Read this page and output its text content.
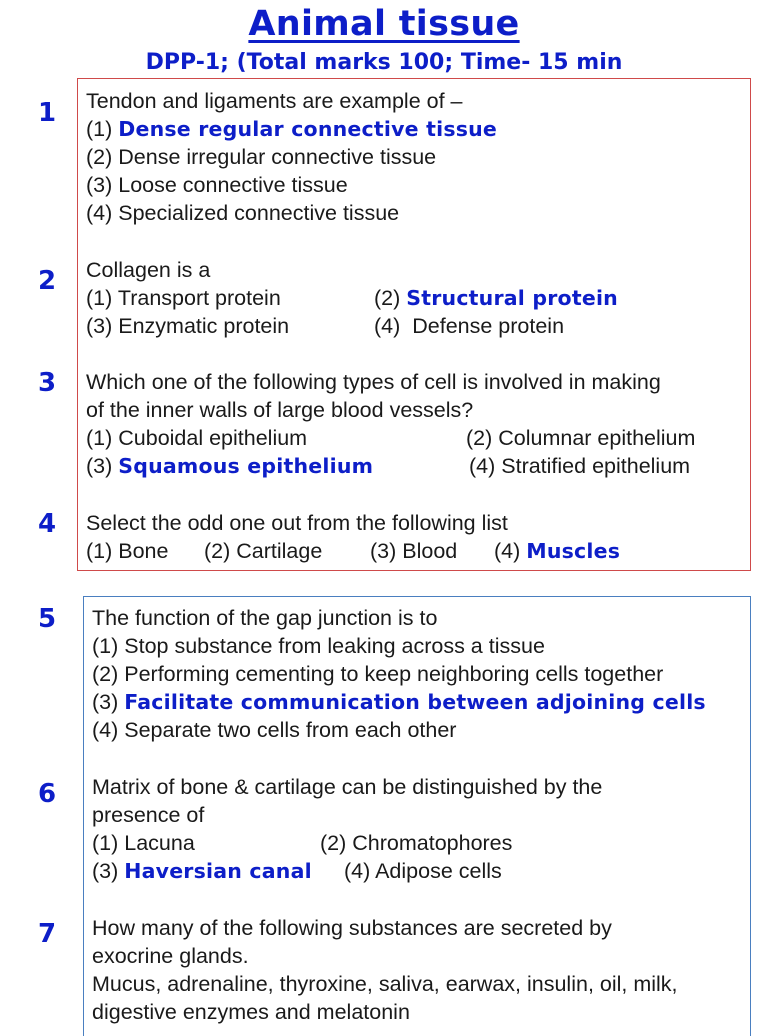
Animal tissue
DPP-1; (Total marks 100; Time- 15 min
1 Tendon and ligaments are example of –
(1) Dense regular connective tissue
(2) Dense irregular connective tissue
(3) Loose connective tissue
(4) Specialized connective tissue
2 Collagen is a
(1) Transport protein	(2) Structural protein
(3) Enzymatic protein	(4)  Defense protein
3 Which one of the following types of cell is involved in making
of the inner walls of large blood vessels?
(1) Cuboidal epithelium	(2) Columnar epithelium
(3) Squamous epithelium	(4) Stratified epithelium
4 Select the odd one out from the following list
(1) Bone (2) Cartilage (3) Blood (4) Muscles
5 The function of the gap junction is to
(1) Stop substance from leaking across a tissue
(2) Performing cementing to keep neighboring cells together
(3) Facilitate communication between adjoining cells
(4) Separate two cells from each other
6 Matrix of bone & cartilage can be distinguished by the
presence of
(1) Lacuna	(2) Chromatophores
(3) Haversian canal (4) Adipose cells
7 How many of the following substances are secreted by
exocrine glands.
Mucus, adrenaline, thyroxine, saliva, earwax, insulin, oil, milk,
digestive enzymes and melatonin
